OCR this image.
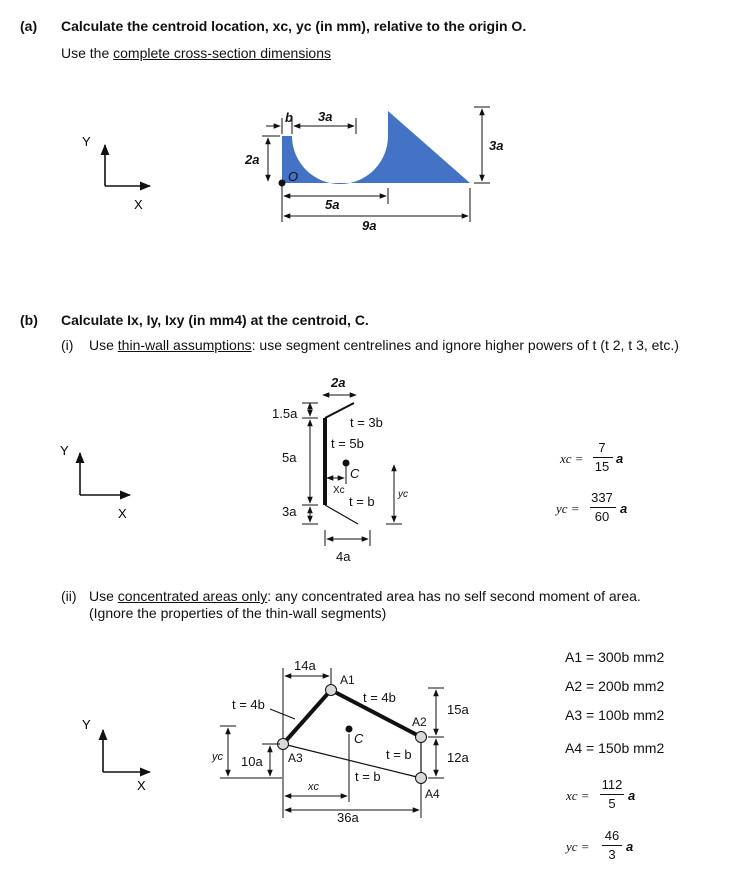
(a) Calculate the centroid location, xc, yc (in mm), relative to the origin O.
Use the complete cross-section dimensions
Y
X
b 3a
2a
3a
5a
9a
O
Y
X
2a
1.5a
5a
3a
4a
t = 3b
t = 5b
t = b
C
Xc	yc
Y
X
14a
t = 4b	t = 4b
15a
12a
10a
36a
t = b
t = b
C
xc
yc
A1
A2
A3
A4
(b) Calculate Ix, Iy, Ixy (in mm4) at the centroid, C.
(i) Use thin-wall assumptions: use segment centrelines and ignore higher powers of t (t 2, t 3, etc.)
xc =
7
15
a
yc =
337
60
a
(ii) Use concentrated areas only: any concentrated area has no self second moment of area.
(Ignore the properties of the thin-wall segments)
A1 = 300b mm2
A2 = 200b mm2
A3 = 100b mm2
A4 = 150b mm2
xc =
112
5
a
yc =
46
3
a
